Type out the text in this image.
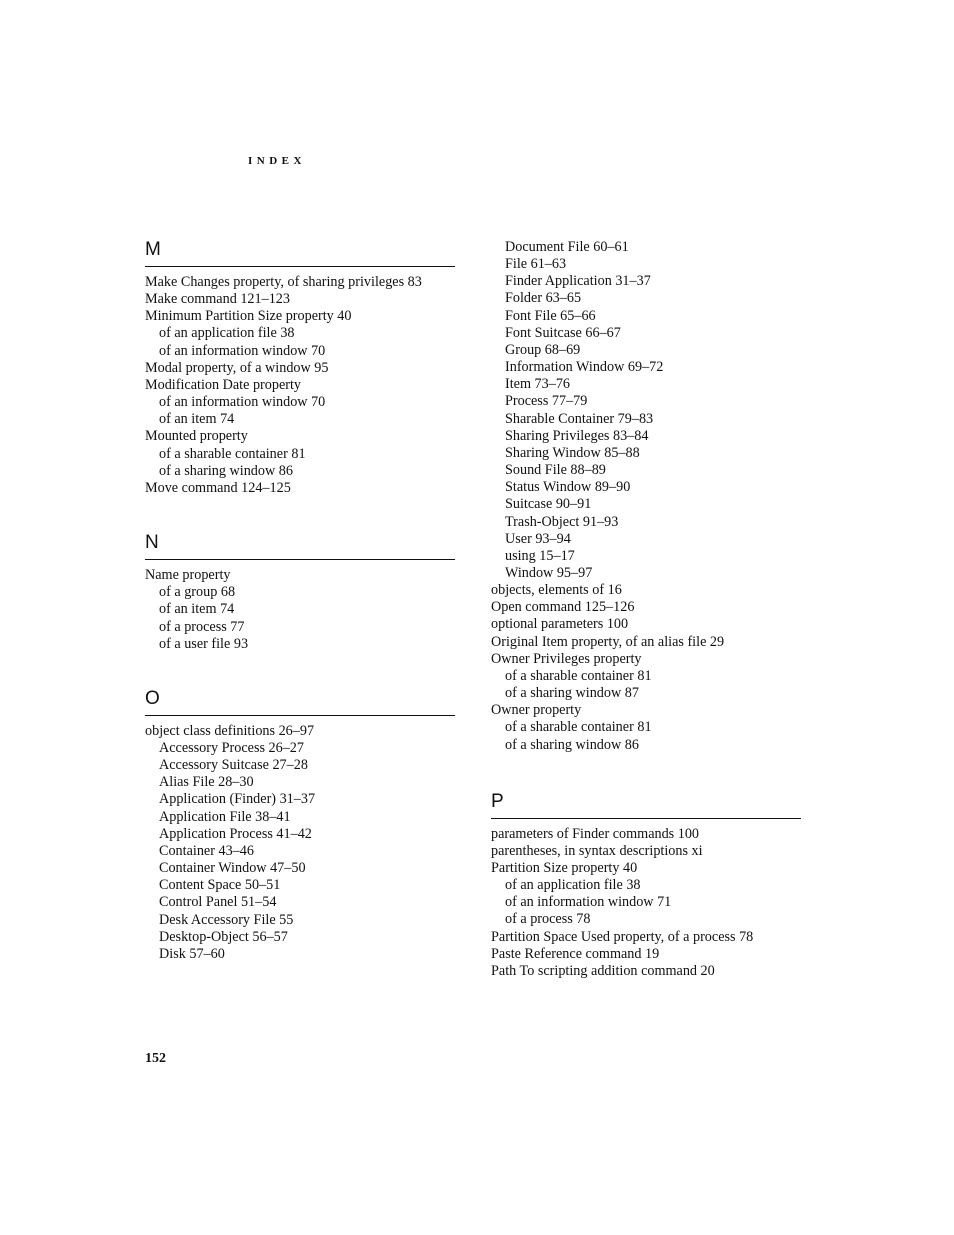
INDEX
M
Make Changes property, of sharing privileges 83
Make command 121–123
Minimum Partition Size property 40
of an application file 38
of an information window 70
Modal property, of a window 95
Modification Date property
of an information window 70
of an item 74
Mounted property
of a sharable container 81
of a sharing window 86
Move command 124–125
N
Name property
of a group 68
of an item 74
of a process 77
of a user file 93
O
object class definitions 26–97
Accessory Process 26–27
Accessory Suitcase 27–28
Alias File 28–30
Application (Finder) 31–37
Application File 38–41
Application Process 41–42
Container 43–46
Container Window 47–50
Content Space 50–51
Control Panel 51–54
Desk Accessory File 55
Desktop-Object 56–57
Disk 57–60
Document File 60–61
File 61–63
Finder Application 31–37
Folder 63–65
Font File 65–66
Font Suitcase 66–67
Group 68–69
Information Window 69–72
Item 73–76
Process 77–79
Sharable Container 79–83
Sharing Privileges 83–84
Sharing Window 85–88
Sound File 88–89
Status Window 89–90
Suitcase 90–91
Trash-Object 91–93
User 93–94
using 15–17
Window 95–97
objects, elements of 16
Open command 125–126
optional parameters 100
Original Item property, of an alias file 29
Owner Privileges property
of a sharable container 81
of a sharing window 87
Owner property
of a sharable container 81
of a sharing window 86
P
parameters of Finder commands 100
parentheses, in syntax descriptions xi
Partition Size property 40
of an application file 38
of an information window 71
of a process 78
Partition Space Used property, of a process 78
Paste Reference command 19
Path To scripting addition command 20
152
